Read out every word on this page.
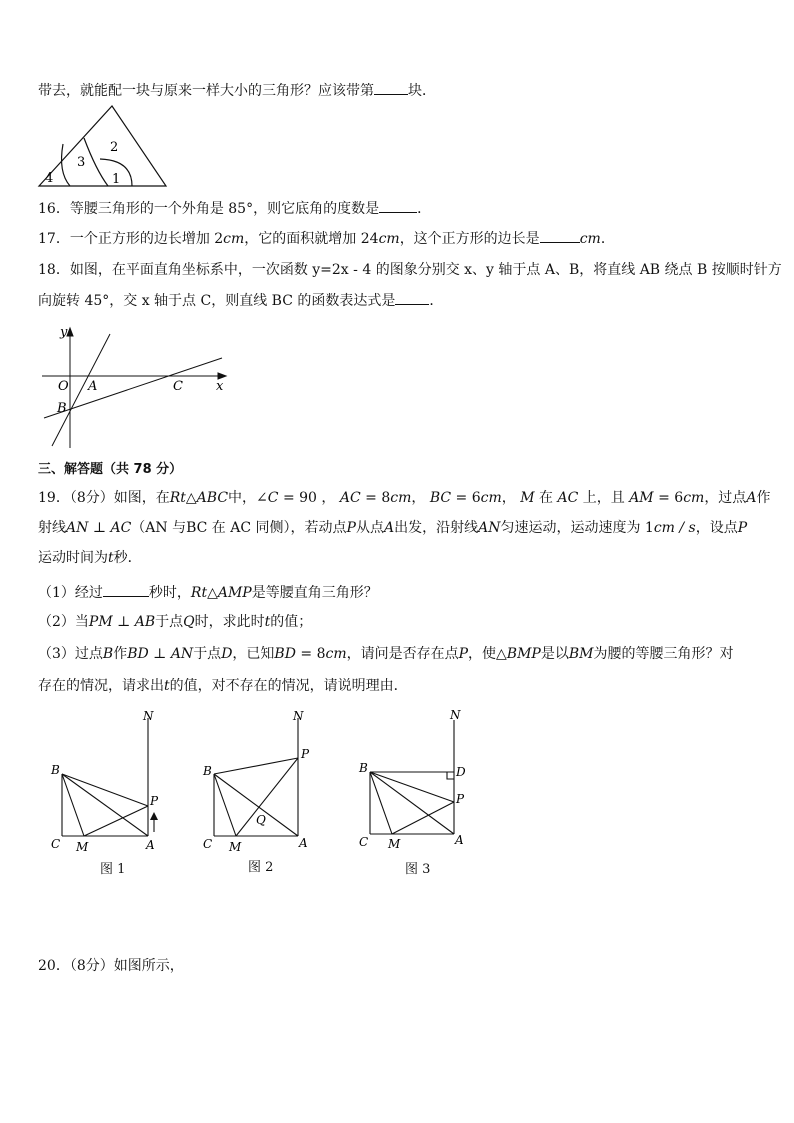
带去，就能配一块与原来一样大小的三角形？应该带第 块．
2
3
4	1
16．等腰三角形的一个外角是 85°，则它底角的度数是	．
17．一个正方形的边长增加 2cm，它的面积就增加 24cm，这个正方形的边长是	cm．
18．如图，在平面直角坐标系中，一次函数 y=2x - 4 的图象分别交 x、y 轴于点 A、B，将直线 AB 绕点 B 按顺时针方
向旋转 45°，交 x 轴于点 C，则直线 BC 的函数表达式是 ．
y
x
O A
B
C
三、解答题（共 78 分）
19．（8分）如图，在Rt△ABC中，∠C = 90 ， AC = 8cm， BC = 6cm， M 在 AC 上，且 AM = 6cm，过点A作
射线AN ⊥ AC（AN 与BC 在 AC 同侧），若动点P从点A出发，沿射线AN匀速运动，运动速度为 1cm / s，设点P
运动时间为t秒．
（1）经过	秒时，Rt△AMP是等腰直角三角形？
（2）当PM ⊥ AB于点Q时，求此时t的值；
（3）过点B作BD ⊥ AN于点D，已知BD = 8cm，请问是否存在点P，使△BMP是以BM为腰的等腰三角形？对
存在的情况，请求出t的值，对不存在的情况，请说明理由．
N
B
P
C M	A
图 1
N
B
P
Q
C M	A
图 2
N
B	D
P
C M	A
图 3
20．（8分）如图所示，
